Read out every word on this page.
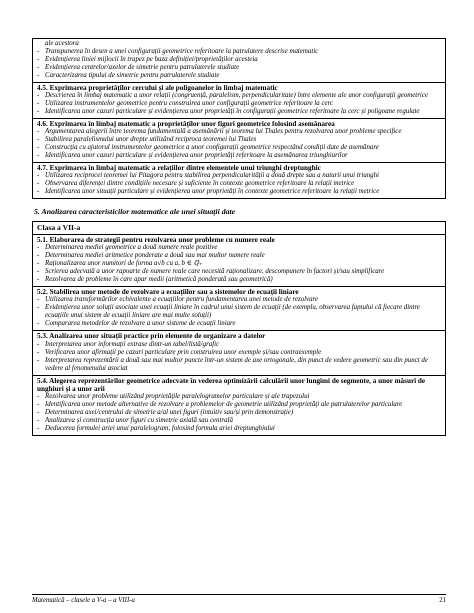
ale acestora
- Transpunerea în desen a unei configurații geometrice referitoare la patrulatere descrise matematic
- Evidențierea liniei mijlocii în trapez pe baza definiției/proprietăților acesteia
- Evidențierea centrelor/axelor de simetrie pentru patrulaterele studiate
- Caracterizarea tipului de simetrie pentru patrulaterele studiate

4.5. Exprimarea proprietăților cercului și ale poligoanelor în limbaj matematic
- Descrierea în limbaj matematic a unor relații (congruență, paralelism, perpendicularitate) între elemente ale unor configurații geometrice
- Utilizarea instrumentelor geometrice pentru construirea unor configurații geometrice referitoare la cerc
- Identificarea unor cazuri particulare și evidențierea unor proprietăți în configurații geometrice referitoare la cerc și poligoane regulate

4.6. Exprimarea în limbaj matematic a proprietăților unor figuri geometrice folosind asemănarea
- Argumentarea alegerii între teorema fundamentală a asemănării și teorema lui Thales pentru rezolvarea unor probleme specifice
- Stabilirea paralelismului unor drepte utilizând reciproca teoremei lui Thales
- Construcția cu ajutorul instrumentelor geometrice a unor configurații geometrice respectând condiții date de asemănare
- Identificarea unor cazuri particulare și evidențierea unor proprietăți referitoare la asemănarea triunghiurilor

4.7. Exprimarea în limbaj matematic a relațiilor dintre elementele unui triunghi dreptunghic
- Utilizarea reciprocei teoremei lui Pitagora pentru stabilirea perpendicularității a două drepte sau a naturii unui triunghi
- Observarea diferenței dintre condițiile necesare și suficiente în contexte geometrice referitoare la relații metrice
- Identificarea unor situații particulare și evidențierea unor proprietăți în contexte geometrice referitoare la relații metrice
5. Analizarea caracteristicilor matematice ale unei situații date
Clasa a VII-a

5.1. Elaborarea de strategii pentru rezolvarea unor probleme cu numere reale
- Determinarea mediei geometrice a două numere reale pozitive
- Determinarea mediei aritmetice ponderate a două sau mai multor numere reale
- Raționalizarea unor numitori de forma a√b cu a, b ∈ ℚ₊
- Scrierea adecvată a unor rapoarte de numere reale care necesită raționalizare, descompunere în factori și/sau simplificare
- Rezolvarea de probleme în care apar medii (aritmetică ponderată sau geometrică)

5.2. Stabilirea unor metode de rezolvare a ecuațiilor sau a sistemelor de ecuații liniare
- Utilizarea transformărilor echivalente a ecuațiilor pentru fundamentarea unei metode de rezolvare
- Evidențierea unor soluții asociate unei ecuații liniare în cadrul unui sistem de ecuații (de exemplu, observarea faptului că fiecare dintre ecuațiile unui sistem de ecuații liniare are mai multe soluții)
- Compararea metodelor de rezolvare a unor sisteme de ecuații liniare

5.3. Analizarea unor situații practice prin elemente de organizare a datelor
- Interpretarea unor informații extrase dintr-un tabel/listă/grafic
- Verificarea unor afirmații pe cazuri particulare prin construirea unor exemple și/sau contraexemple
- Interpretarea reprezentării a două sau mai multor puncte într-un sistem de axe ortogonale, din punct de vedere geometric sau din punct de vedere al fenomenului asociat

5.4. Alegerea reprezentărilor geometrice adecvate în vederea optimizării calculării unor lungimi de segmente, a unor măsuri de unghiuri și a unor arii
- Rezolvarea unor probleme utilizând proprietățile paralelogramelor particulare și ale trapezului
- Identificarea unor metode alternative de rezolvare a problemelor de geometrie utilizând proprietăți ale patrulaterelor particulare
- Determinarea axei/centrului de simetrie a/al unei figuri (intuitiv sau/și prin demonstrație)
- Analizarea și construcția unor figuri cu simetrie axială sau centrală
- Deducerea formulei ariei unui paralelogram, folosind formula ariei dreptunghiului
Matematică – clasele a V-a – a VIII-a	21
